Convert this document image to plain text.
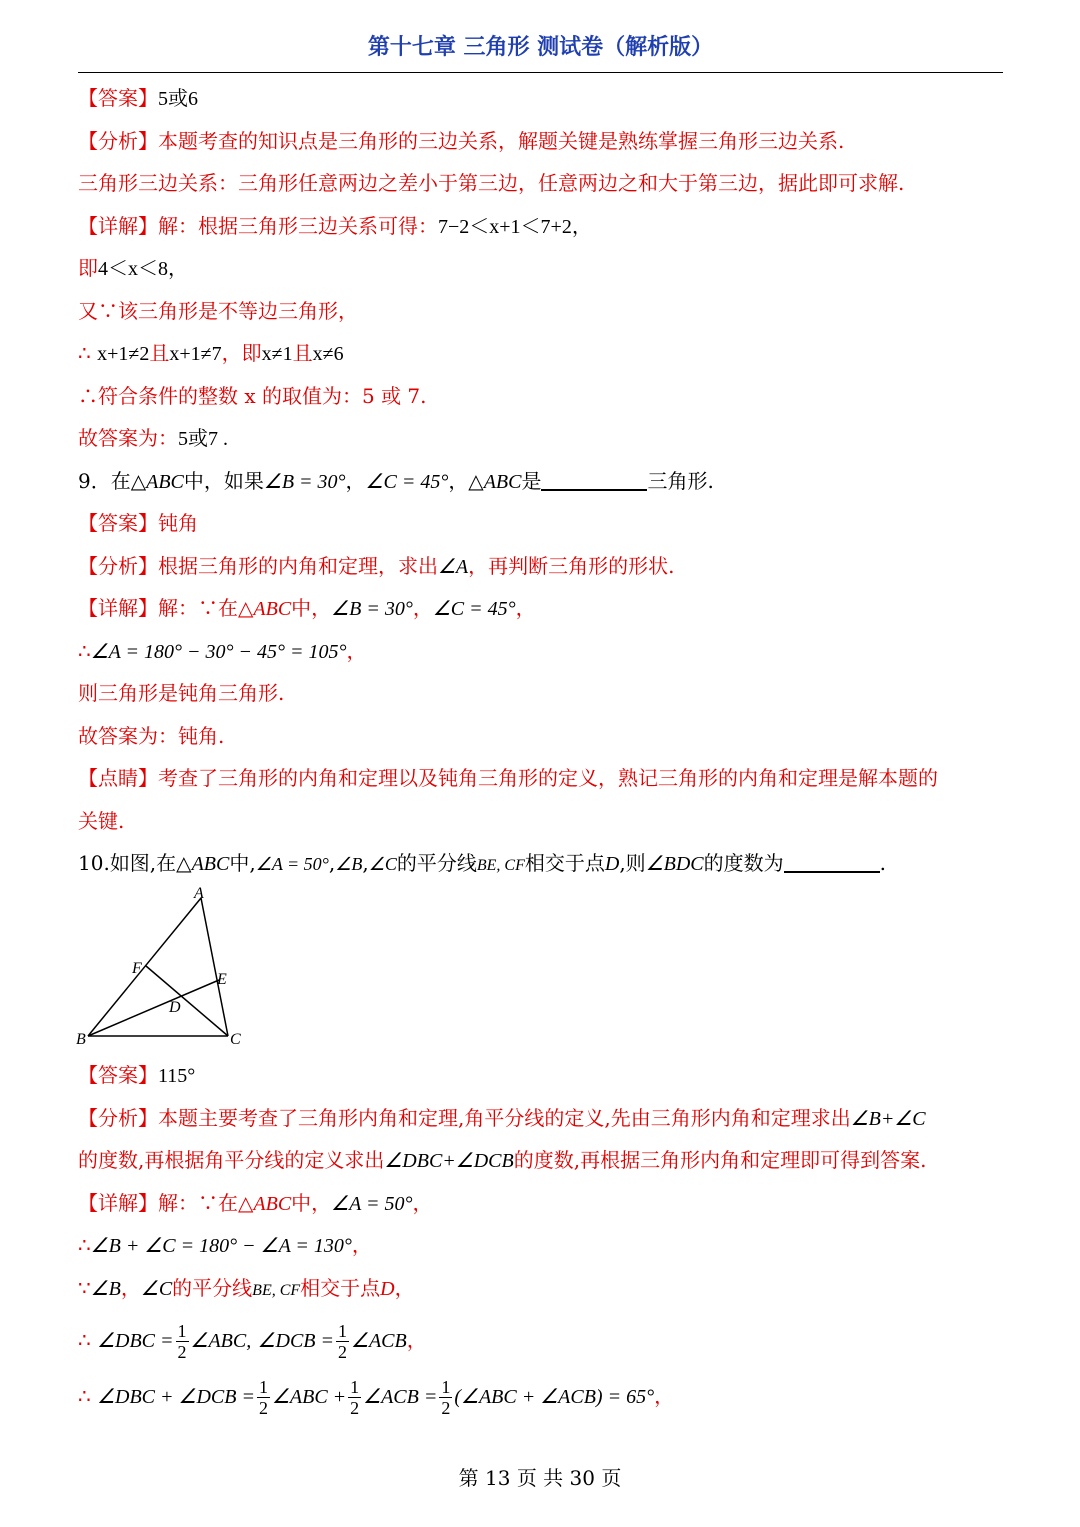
第十七章 三角形 测试卷（解析版）
【答案】5或6
【分析】本题考查的知识点是三角形的三边关系，解题关键是熟练掌握三角形三边关系.
三角形三边关系：三角形任意两边之差小于第三边，任意两边之和大于第三边，据此即可求解.
【详解】解：根据三角形三边关系可得：7−2＜x+1＜7+2，
即4＜x＜8，
又∵该三角形是不等边三角形，
∴ x+1≠2且x+1≠7，即x≠1且x≠6
∴符合条件的整数 x 的取值为：5 或 7.
故答案为：5或7 .
9．在△ABC中，如果∠B = 30°，∠C = 45°，△ABC是	三角形.
【答案】钝角
【分析】根据三角形的内角和定理，求出∠A，再判断三角形的形状.
【详解】解：∵在△ABC中，∠B = 30°，∠C = 45°，
∴∠A = 180° − 30° − 45° = 105°，
则三角形是钝角三角形.
故答案为：钝角.
【点睛】考查了三角形的内角和定理以及钝角三角形的定义，熟记三角形的内角和定理是解本题的
关键.
10.如图,在△ABC中,∠A = 50°,∠B,∠C的平分线BE, CF相交于点D,则∠BDC的度数为	.
A
B	C
D
E
F
【答案】115°
【分析】本题主要考查了三角形内角和定理,角平分线的定义,先由三角形内角和定理求出∠B+∠C
的度数,再根据角平分线的定义求出∠DBC+∠DCB的度数,再根据三角形内角和定理即可得到答案.
【详解】解：∵在△ABC中，∠A = 50°，
∴∠B + ∠C = 180° − ∠A = 130°，
∵∠B，∠C的平分线BE, CF相交于点D，
∴ ∠DBC = $\frac{1}{2}$ ∠ABC, ∠DCB = $\frac{1}{2}$ ∠ACB，
∴ ∠DBC + ∠DCB = $\frac{1}{2}$ ∠ABC + $\frac{1}{2}$ ∠ACB = $\frac{1}{2}$ (∠ABC + ∠ACB) = 65°，
第 13 页 共 30 页
